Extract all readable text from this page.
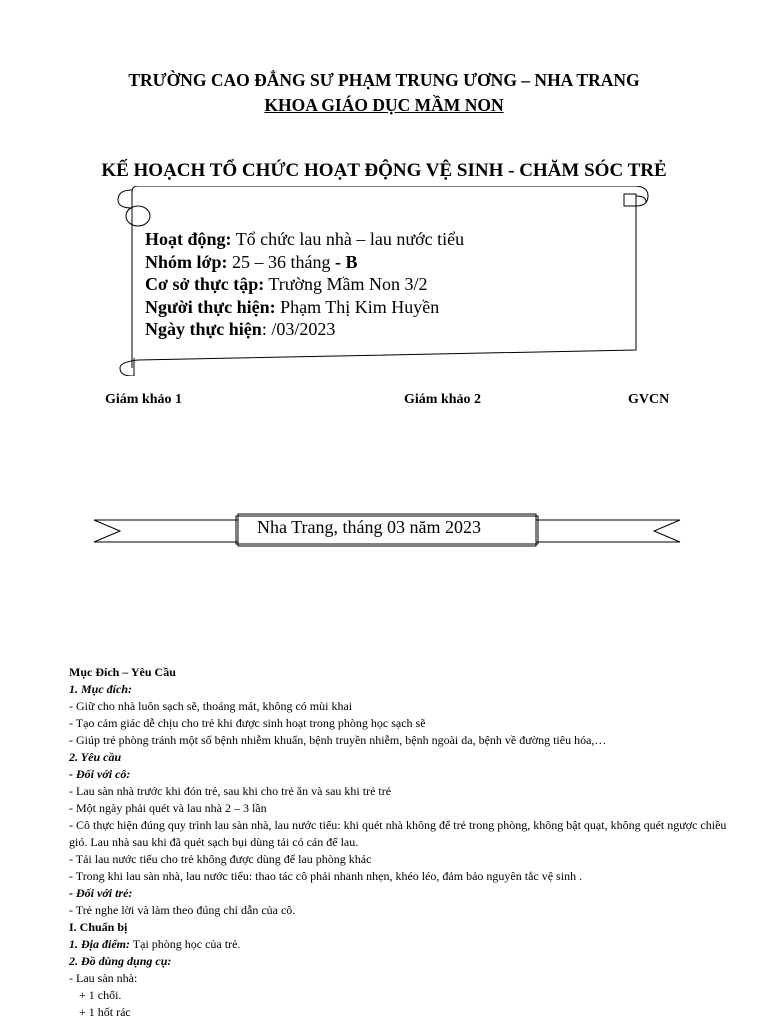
TRƯỜNG CAO ĐẲNG SƯ PHẠM TRUNG ƯƠNG – NHA TRANG
KHOA GIÁO DỤC MẦM NON
KẾ HOẠCH TỔ CHỨC HOẠT ĐỘNG VỆ SINH - CHĂM SÓC TRẺ
Hoạt động: Tổ chức lau nhà – lau nước tiểu
Nhóm lớp: 25 – 36 tháng - B
Cơ sở thực tập: Trường Mầm Non 3/2
Người thực hiện: Phạm Thị Kim Huyền
Ngày thực hiện: /03/2023
Giám khảo 1	Giám khảo 2	GVCN
Nha Trang, tháng 03 năm 2023

Mục Đích – Yêu Cầu

1. Mục đích:

- Giữ cho nhà luôn sạch sẽ, thoáng mát, không có mùi khai

- Tạo cảm giác dễ chịu cho trẻ khi được sinh hoạt trong phòng học sạch sẽ

- Giúp trẻ phòng tránh một số bệnh nhiễm khuẩn, bệnh truyền nhiễm, bệnh ngoài da, bệnh về đường tiêu hóa,…

2. Yêu cầu

- Đối với cô:

- Lau sàn nhà trước khi đón trẻ, sau khi cho trẻ ăn và sau khi trẻ trẻ

- Một ngày phải quét và lau nhà 2 – 3 lần

- Cô thực hiện đúng quy trình lau sàn nhà, lau nước tiểu: khi quét nhà không để trẻ trong phòng, không bật quạt, không quét ngược chiều gió. Lau nhà sau khi đã quét sạch bụi dùng tải có cán để lau.

- Tải lau nước tiểu cho trẻ không được dùng để lau phòng khác

- Trong khi lau sàn nhà, lau nước tiểu: thao tác cô phải nhanh nhẹn, khéo léo, đảm bảo nguyên tắc vệ sinh .

- Đối với trẻ:

- Trẻ nghe lời và làm theo đúng chỉ dẫn của cô.

I. Chuẩn bị

1. Địa điểm: Tại phòng học của trẻ.

2. Đồ dùng dụng cụ:

- Lau sàn nhà:

+ 1 chổi.

+ 1 hốt rác
